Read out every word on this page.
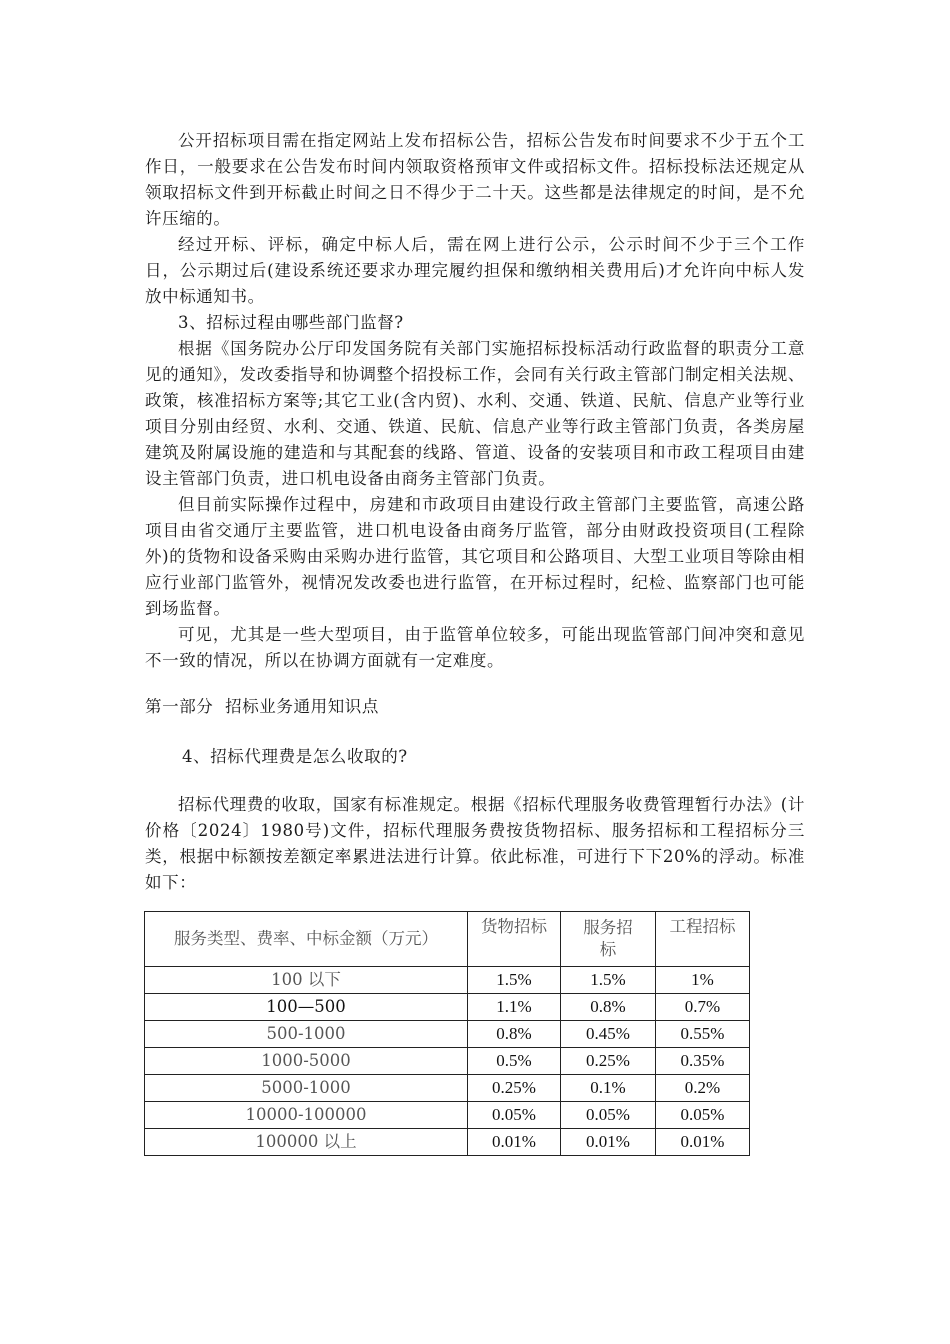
公开招标项目需在指定网站上发布招标公告，招标公告发布时间要求不少于五个工作日，一般要求在公告发布时间内领取资格预审文件或招标文件。招标投标法还规定从领取招标文件到开标截止时间之日不得少于二十天。这些都是法律规定的时间，是不允许压缩的。

经过开标、评标，确定中标人后，需在网上进行公示，公示时间不少于三个工作日，公示期过后(建设系统还要求办理完履约担保和缴纳相关费用后)才允许向中标人发放中标通知书。

3、招标过程由哪些部门监督?

根据《国务院办公厅印发国务院有关部门实施招标投标活动行政监督的职责分工意见的通知》，发改委指导和协调整个招投标工作，会同有关行政主管部门制定相关法规、政策，核准招标方案等;其它工业(含内贸)、水利、交通、铁道、民航、信息产业等行业项目分别由经贸、水利、交通、铁道、民航、信息产业等行政主管部门负责，各类房屋建筑及附属设施的建造和与其配套的线路、管道、设备的安装项目和市政工程项目由建设主管部门负责，进口机电设备由商务主管部门负责。

但目前实际操作过程中，房建和市政项目由建设行政主管部门主要监管，高速公路项目由省交通厅主要监管，进口机电设备由商务厅监管，部分由财政投资项目(工程除外)的货物和设备采购由采购办进行监管，其它项目和公路项目、大型工业项目等除由相应行业部门监管外，视情况发改委也进行监管，在开标过程时，纪检、监察部门也可能到场监督。

可见，尤其是一些大型项目，由于监管单位较多，可能出现监管部门间冲突和意见不一致的情况，所以在协调方面就有一定难度。

第一部分  招标业务通用知识点
4、招标代理费是怎么收取的?

招标代理费的收取，国家有标准规定。根据《招标代理服务收费管理暂行办法》(计价格〔2024〕1980号)文件，招标代理服务费按货物招标、服务招标和工程招标分三类，根据中标额按差额定率累进法进行计算。依此标准，可进行下下20%的浮动。标准如下：

服务类型、费率、中标金额（万元）	货物招标	服务招标	工程招标
100 以下	1.5%	1.5%	1%
100—500	1.1%	0.8%	0.7%
500-1000	0.8%	0.45%	0.55%
1000-5000	0.5%	0.25%	0.35%
5000-1000	0.25%	0.1%	0.2%
10000-100000	0.05%	0.05%	0.05%
100000 以上	0.01%	0.01%	0.01%
